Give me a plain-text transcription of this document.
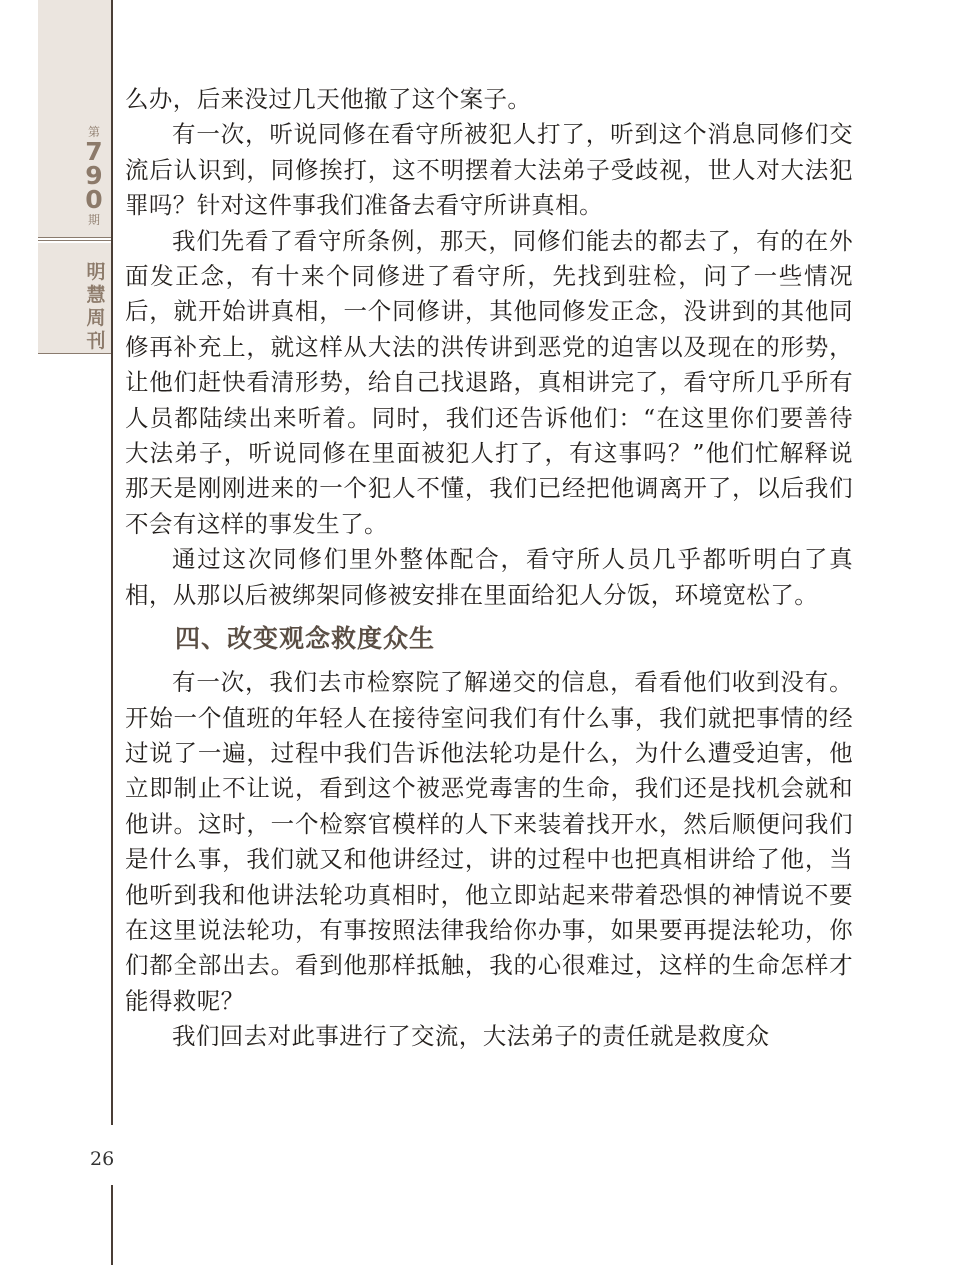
第
7
9
0
期
明
慧
周
刊
26

么办，后来没过几天他撤了这个案子。

有一次，听说同修在看守所被犯人打了，听到这个消息同修们交流后认识到，同修挨打，这不明摆着大法弟子受歧视，世人对大法犯罪吗？针对这件事我们准备去看守所讲真相。

我们先看了看守所条例，那天，同修们能去的都去了，有的在外面发正念，有十来个同修进了看守所，先找到驻检，问了一些情况后，就开始讲真相，一个同修讲，其他同修发正念，没讲到的其他同修再补充上，就这样从大法的洪传讲到恶党的迫害以及现在的形势，让他们赶快看清形势，给自己找退路，真相讲完了，看守所几乎所有人员都陆续出来听着。同时，我们还告诉他们：“在这里你们要善待大法弟子，听说同修在里面被犯人打了，有这事吗？”他们忙解释说那天是刚刚进来的一个犯人不懂，我们已经把他调离开了，以后我们不会有这样的事发生了。

通过这次同修们里外整体配合，看守所人员几乎都听明白了真相，从那以后被绑架同修被安排在里面给犯人分饭，环境宽松了。

四、改变观念救度众生

有一次，我们去市检察院了解递交的信息，看看他们收到没有。开始一个值班的年轻人在接待室问我们有什么事，我们就把事情的经过说了一遍，过程中我们告诉他法轮功是什么，为什么遭受迫害，他立即制止不让说，看到这个被恶党毒害的生命，我们还是找机会就和他讲。这时，一个检察官模样的人下来装着找开水，然后顺便问我们是什么事，我们就又和他讲经过，讲的过程中也把真相讲给了他，当他听到我和他讲法轮功真相时，他立即站起来带着恐惧的神情说不要在这里说法轮功，有事按照法律我给你办事，如果要再提法轮功，你们都全部出去。看到他那样抵触，我的心很难过，这样的生命怎样才能得救呢？

我们回去对此事进行了交流，大法弟子的责任就是救度众
